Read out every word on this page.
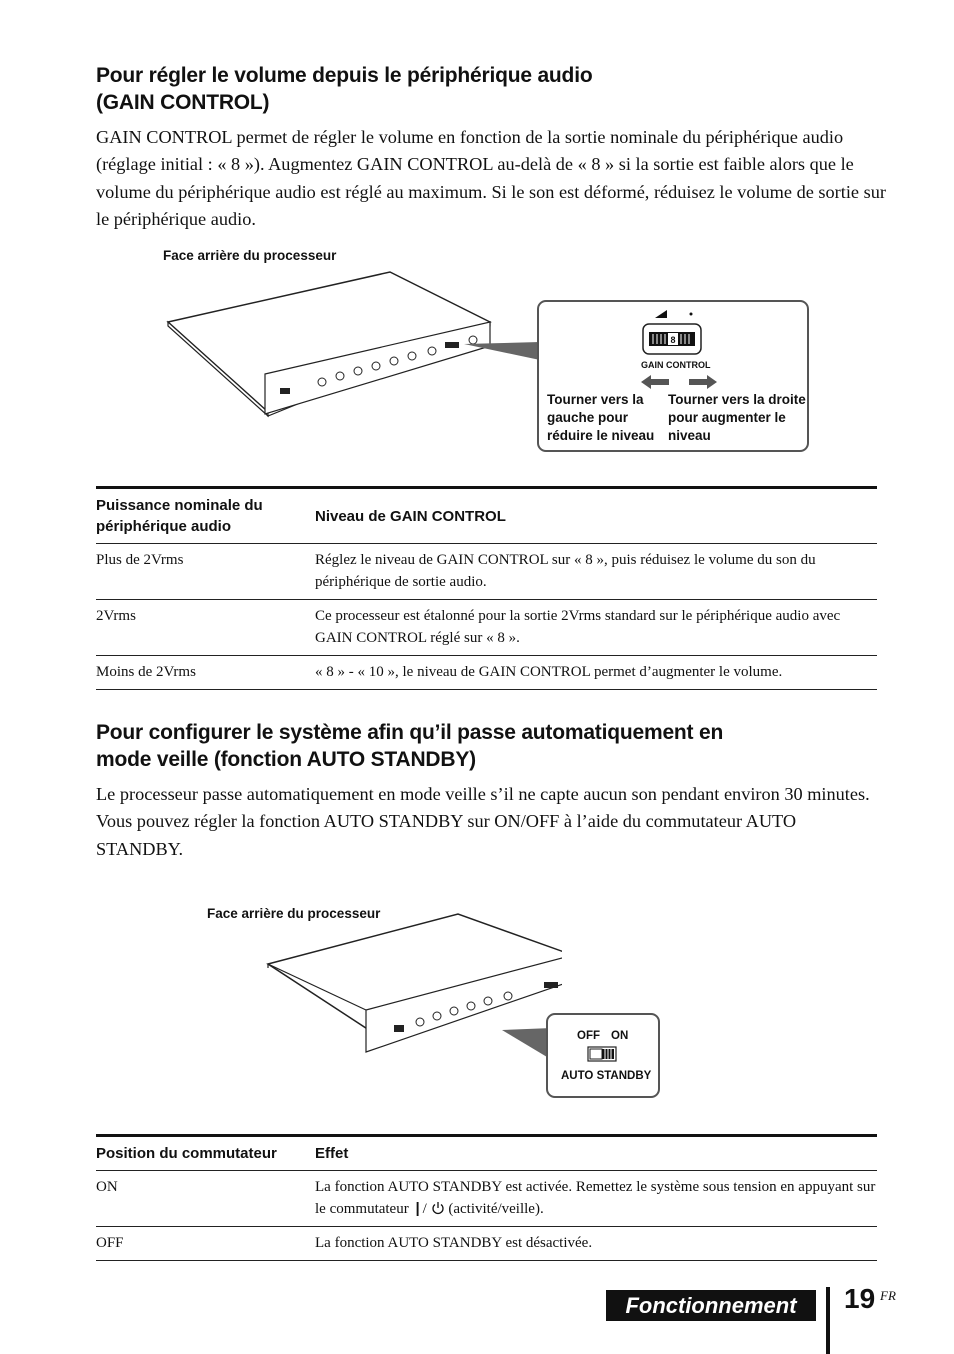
Pour régler le volume depuis le périphérique audio
(GAIN CONTROL)
GAIN CONTROL permet de régler le volume en fonction de la sortie nominale du périphérique audio (réglage initial : « 8 »). Augmentez GAIN CONTROL au-delà de « 8 » si la sortie est faible alors que le volume du périphérique audio est réglé au maximum. Si le son est déformé, réduisez le volume de sortie sur le périphérique audio.
Face arrière du processeur
8
GAIN CONTROL
Tourner vers la gauche pour réduire le niveau
Tourner vers la droite pour augmenter le niveau
Puissance nominale du périphérique audio	Niveau de GAIN CONTROL
Plus de 2Vrms	Réglez le niveau de GAIN CONTROL sur « 8 », puis réduisez le volume du son du périphérique de sortie audio.
2Vrms	Ce processeur est étalonné pour la sortie 2Vrms standard sur le périphérique audio avec GAIN CONTROL réglé sur « 8 ».
Moins de 2Vrms	« 8 » - « 10 », le niveau de GAIN CONTROL permet d’augmenter le volume.
Pour configurer le système afin qu’il passe automatiquement en
mode veille (fonction AUTO STANDBY)
Le processeur passe automatiquement en mode veille s’il ne capte aucun son pendant environ 30 minutes.
Vous pouvez régler la fonction AUTO STANDBY sur ON/OFF à l’aide du commutateur AUTO STANDBY.
Face arrière du processeur
OFF ON
AUTO STANDBY
Position du commutateur	Effet
ON	La fonction AUTO STANDBY est activée. Remettez le système sous tension en appuyant sur le commutateur  | /  (activité/veille).
OFF	La fonction AUTO STANDBY est désactivée.
Fonctionnement	19 FR
